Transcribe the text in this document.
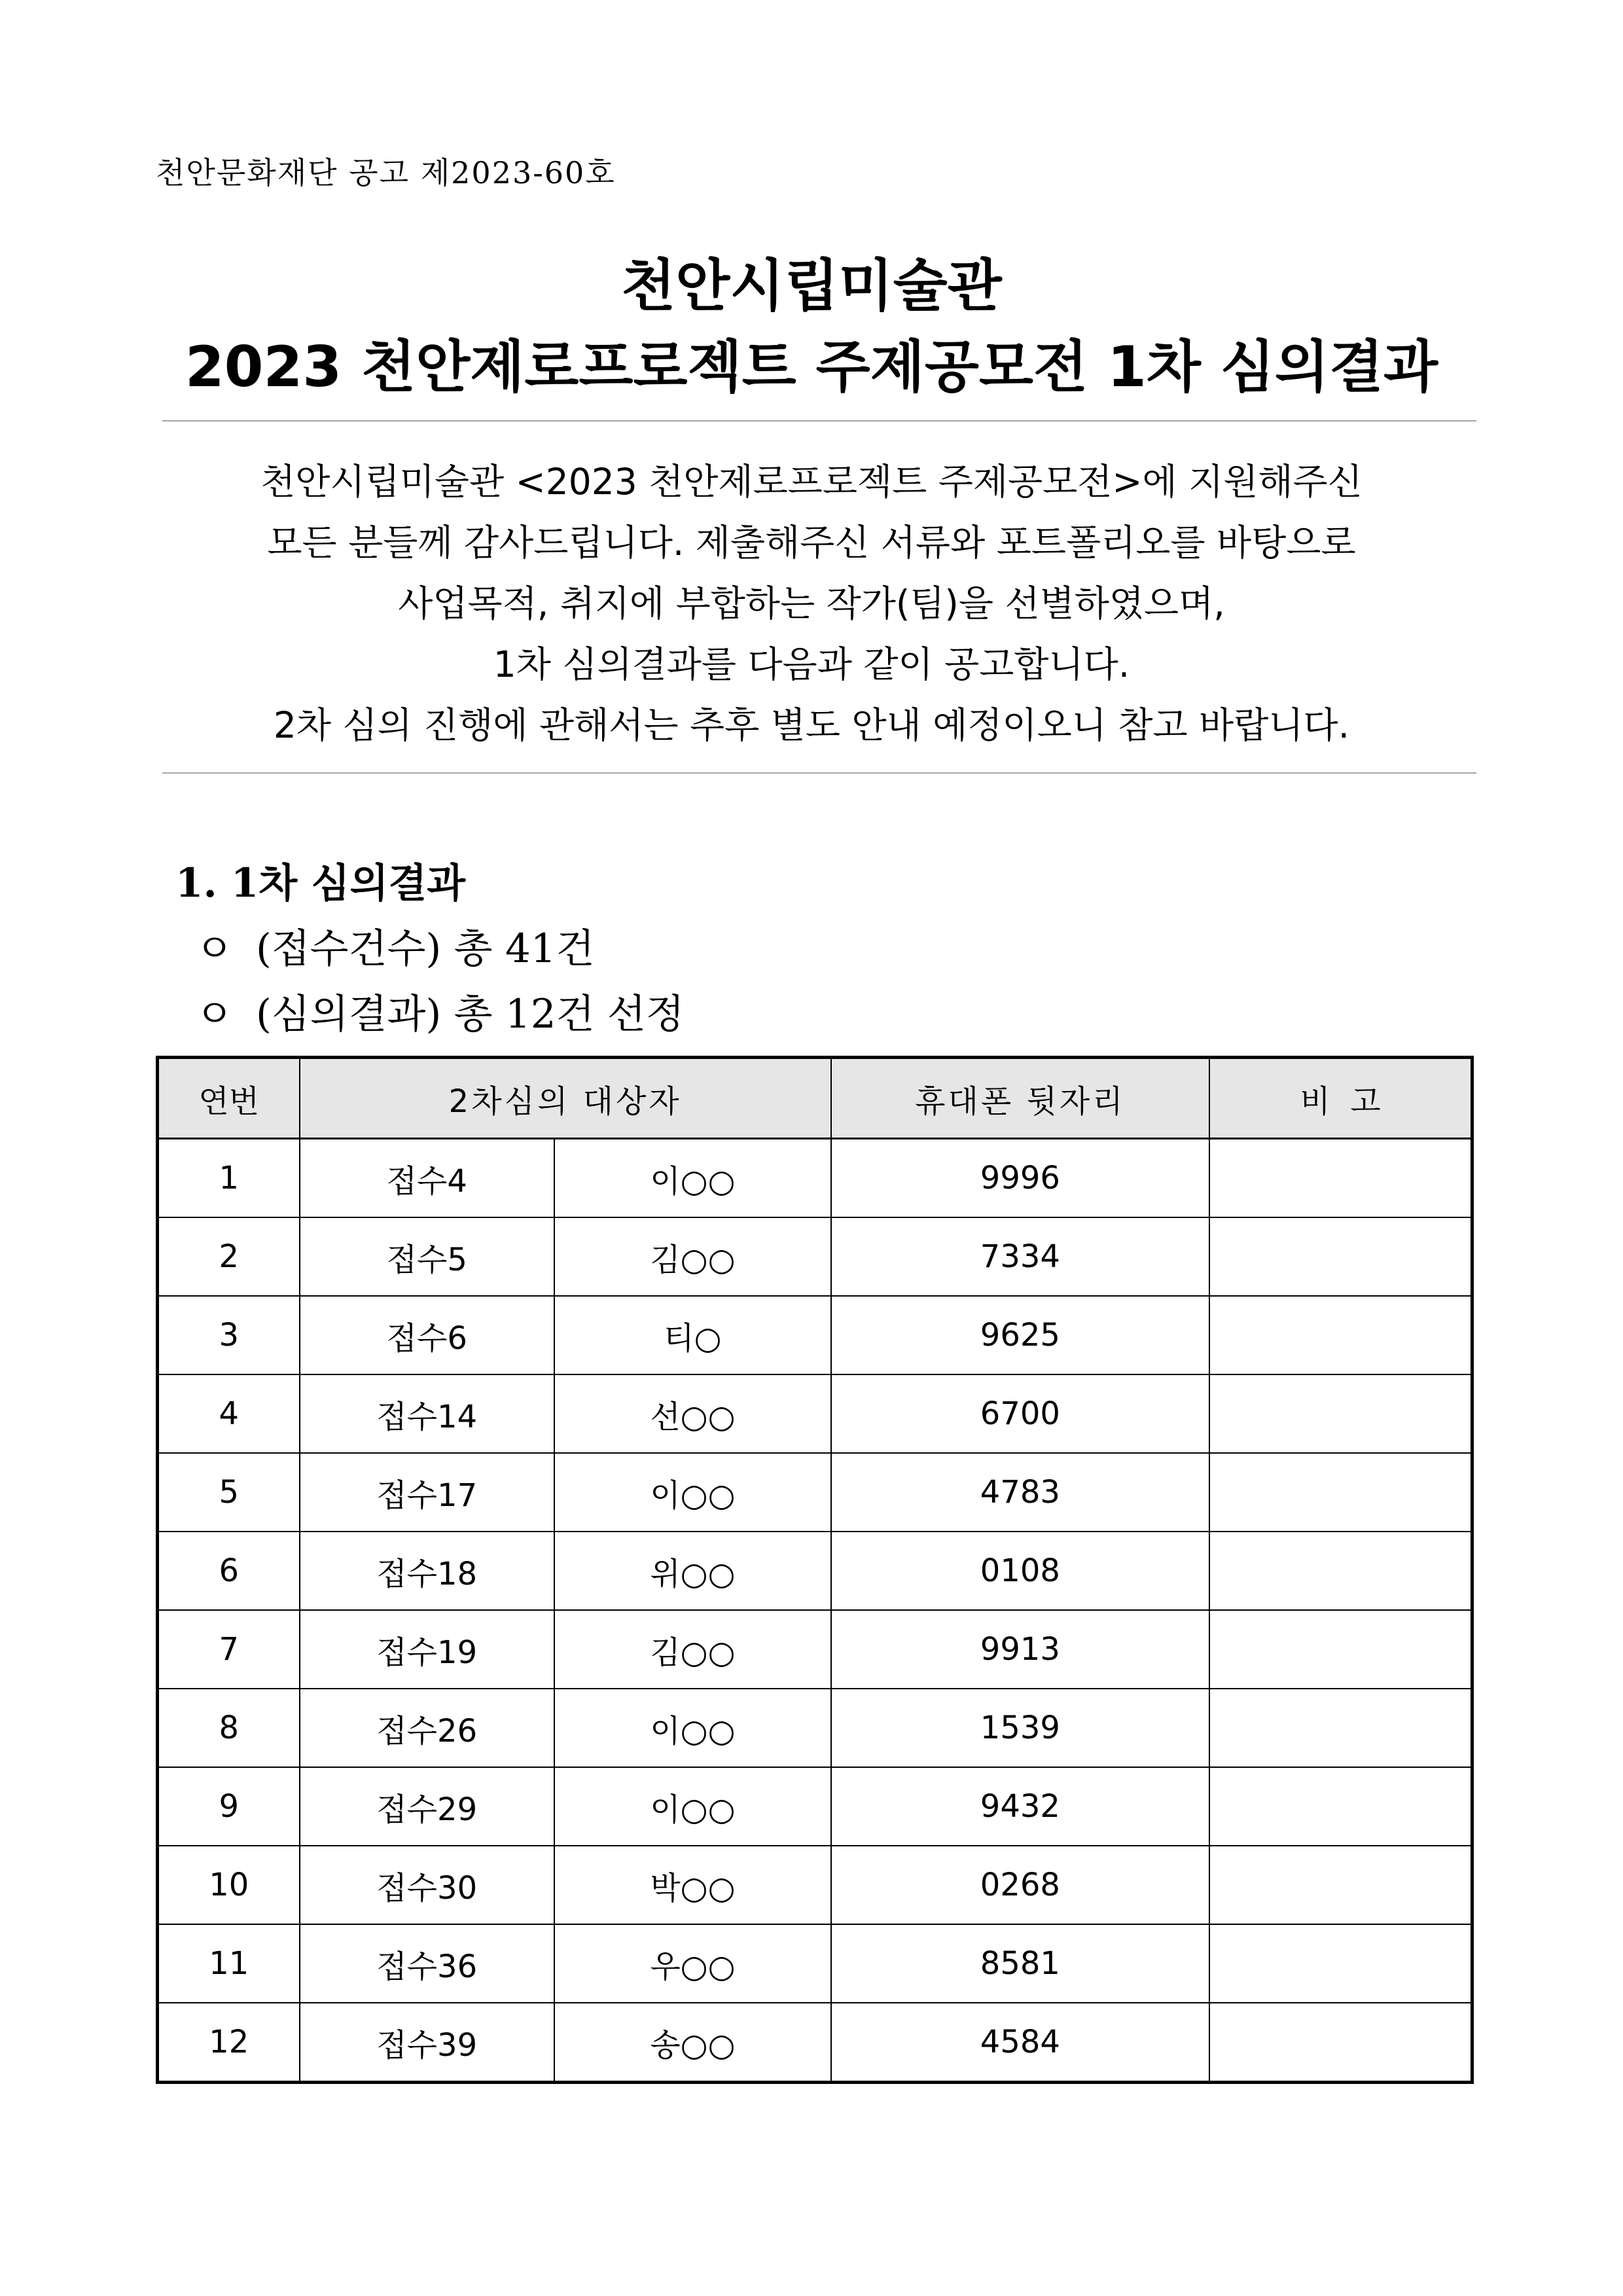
천안문화재단 공고 제2023-60호
천안시립미술관
2023 천안제로프로젝트 주제공모전 1차 심의결과
천안시립미술관 <2023 천안제로프로젝트 주제공모전>에 지원해주신
모든 분들께 감사드립니다. 제출해주신 서류와 포트폴리오를 바탕으로
사업목적, 취지에 부합하는 작가(팀)을 선별하였으며,
1차 심의결과를 다음과 같이 공고합니다.
2차 심의 진행에 관해서는 추후 별도 안내 예정이오니 참고 바랍니다.
1. 1차 심의결과
ㅇ (접수건수) 총 41건
ㅇ (심의결과) 총 12건 선정
연번	2차심의 대상자		휴대폰 뒷자리	비  고
1	접수4	이○○	9996	
2	접수5	김○○	7334	
3	접수6	티○	9625	
4	접수14	선○○	6700	
5	접수17	이○○	4783	
6	접수18	위○○	0108	
7	접수19	김○○	9913	
8	접수26	이○○	1539	
9	접수29	이○○	9432	
10	접수30	박○○	0268	
11	접수36	우○○	8581	
12	접수39	송○○	4584	
